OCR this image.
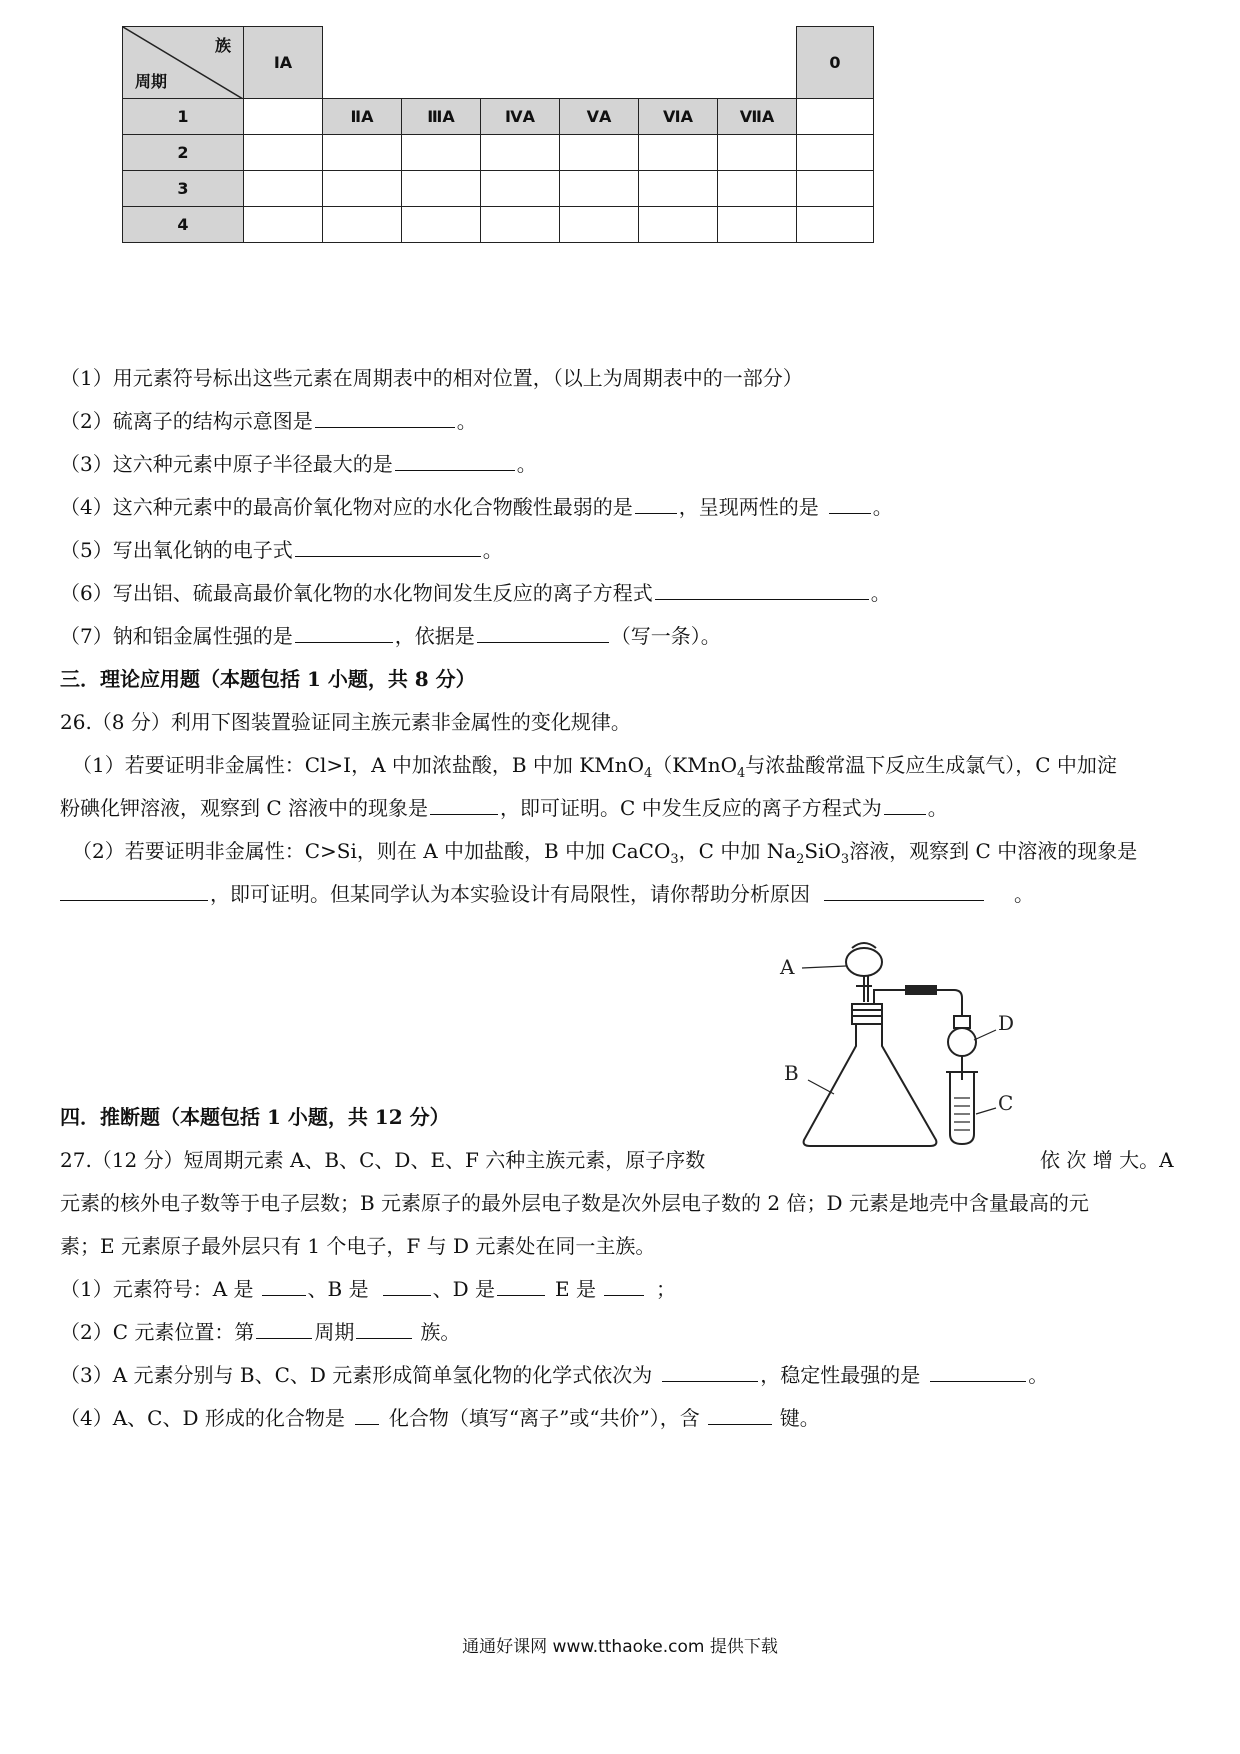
族
周期	ⅠA							0
1		ⅡA	ⅢA	ⅣA	ⅤA	ⅥA	ⅦA	
2								
3								
4								
（1）用元素符号标出这些元素在周期表中的相对位置，（以上为周期表中的一部分）
（2）硫离子的结构示意图是	。
（3）这六种元素中原子半径最大的是	。
（4）这六种元素中的最高价氧化物对应的水化合物酸性最弱的是 ，呈现两性的是	。
（5）写出氧化钠的电子式	。
（6）写出铝、硫最高最价氧化物的水化物间发生反应的离子方程式	。
（7）钠和铝金属性强的是	，依据是	（写一条）。
三．理论应用题（本题包括 1 小题，共 8 分）
26.（8 分）利用下图装置验证同主族元素非金属性的变化规律。
（1）若要证明非金属性：Cl>I，A 中加浓盐酸，B 中加 KMnO$_4$（KMnO$_4$与浓盐酸常温下反应生成氯气），C 中加淀
粉碘化钾溶液，观察到 C 溶液中的现象是	，即可证明。C 中发生反应的离子方程式为 。
（2）若要证明非金属性：C>Si，则在 A 中加盐酸，B 中加 CaCO$_3$，C 中加 $Na_2SiO_3$溶液，观察到 C 中溶液的现象是
，即可证明。但某同学认为本实验设计有局限性，请你帮助分析原因	。
A
B
C
D
四．推断题（本题包括 1 小题，共 12 分）
27.（12 分）短周期元素 A、B、C、D、E、F 六种主族元素，原子序数	依 次 增 大。A
元素的核外电子数等于电子层数；B 元素原子的最外层电子数是次外层电子数的 2 倍；D 元素是地壳中含量最高的元
素；E 元素原子最外层只有 1 个电子，F 与 D 元素处在同一主族。
（1）元素符号：A 是	、B 是	、D 是	E 是	；
（2）C 元素位置：第	周期	族。
（3）A 元素分别与 B、C、D 元素形成简单氢化物的化学式依次为	，稳定性最强的是	。
（4）A、C、D 形成的化合物是 化合物（填写“离子”或“共价”），含	键。
通通好课网 www.tthaoke.com 提供下载
